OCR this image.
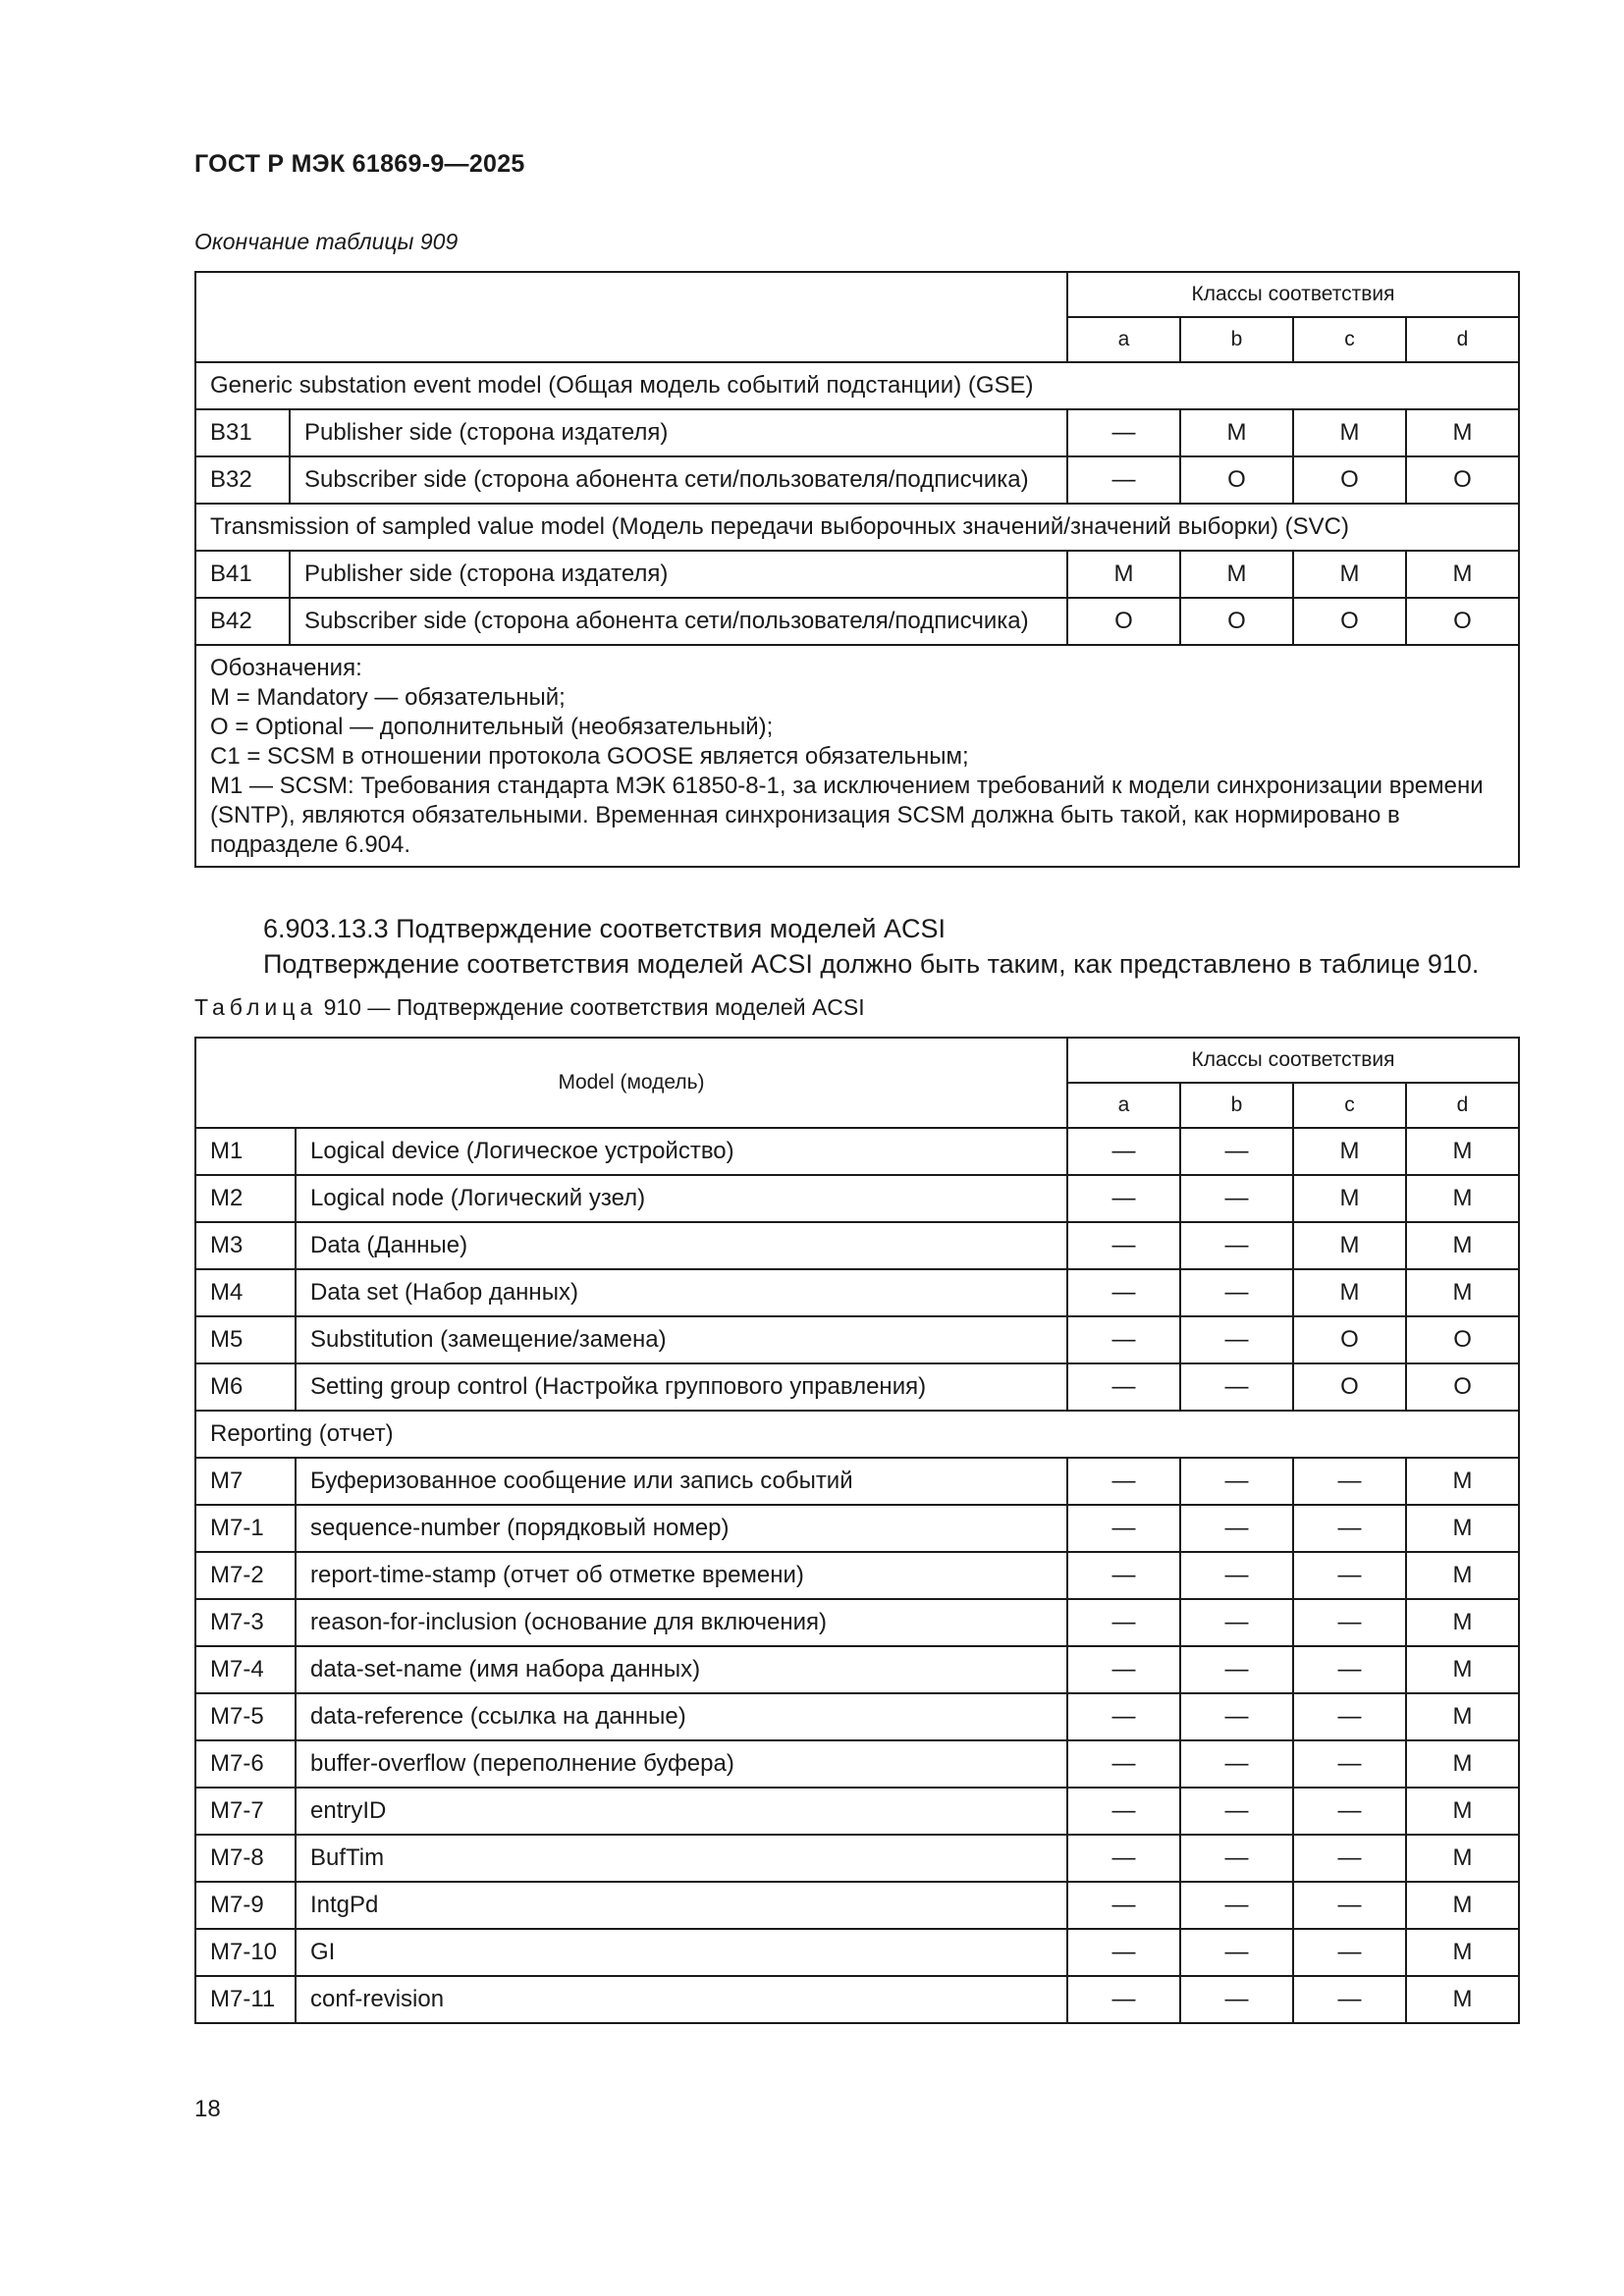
ГОСТ Р МЭК 61869-9—2025
Окончание таблицы 909
		Классы соответствия			
		a	b	c	d
Generic substation event model (Общая модель событий подстанции) (GSE)					
B31	Publisher side (сторона издателя)	—	M	M	M
B32	Subscriber side (сторона абонента сети/пользователя/подписчика)	—	O	O	O
Transmission of sampled value model (Модель передачи выборочных значений/значений выборки) (SVC)					
B41	Publisher side (сторона издателя)	M	M	M	M
B42	Subscriber side (сторона абонента сети/пользователя/подписчика)	O	O	O	O

Обозначения:
M = Mandatory — обязательный;
O = Optional — дополнительный (необязательный);
C1 = SCSM в отношении протокола GOOSE является обязательным;
M1 — SCSM: Требования стандарта МЭК 61850-8-1, за исключением требований к модели синхронизации времени (SNTP), являются обязательными. Временная синхронизация SCSM должна быть такой, как нормировано в подразделе 6.904.					
6.903.13.3 Подтверждение соответствия моделей ACSI
Подтверждение соответствия моделей ACSI должно быть таким, как представлено в таблице 910.
Таблица 910 — Подтверждение соответствия моделей ACSI
Model (модель)		Классы соответствия			
		a	b	c	d
M1	Logical device (Логическое устройство)	—	—	M	M
M2	Logical node (Логический узел)	—	—	M	M
M3	Data (Данные)	—	—	M	M
M4	Data set (Набор данных)	—	—	M	M
M5	Substitution (замещение/замена)	—	—	O	O
M6	Setting group control (Настройка группового управления)	—	—	O	O
Reporting (отчет)					
M7	Буферизованное сообщение или запись событий	—	—	—	M
M7-1	sequence-number (порядковый номер)	—	—	—	M
M7-2	report-time-stamp (отчет об отметке времени)	—	—	—	M
M7-3	reason-for-inclusion (основание для включения)	—	—	—	M
M7-4	data-set-name (имя набора данных)	—	—	—	M
M7-5	data-reference (ссылка на данные)	—	—	—	M
M7-6	buffer-overflow (переполнение буфера)	—	—	—	M
M7-7	entryID	—	—	—	M
M7-8	BufTim	—	—	—	M
M7-9	IntgPd	—	—	—	M
M7-10	GI	—	—	—	M
M7-11	conf-revision	—	—	—	M
18
